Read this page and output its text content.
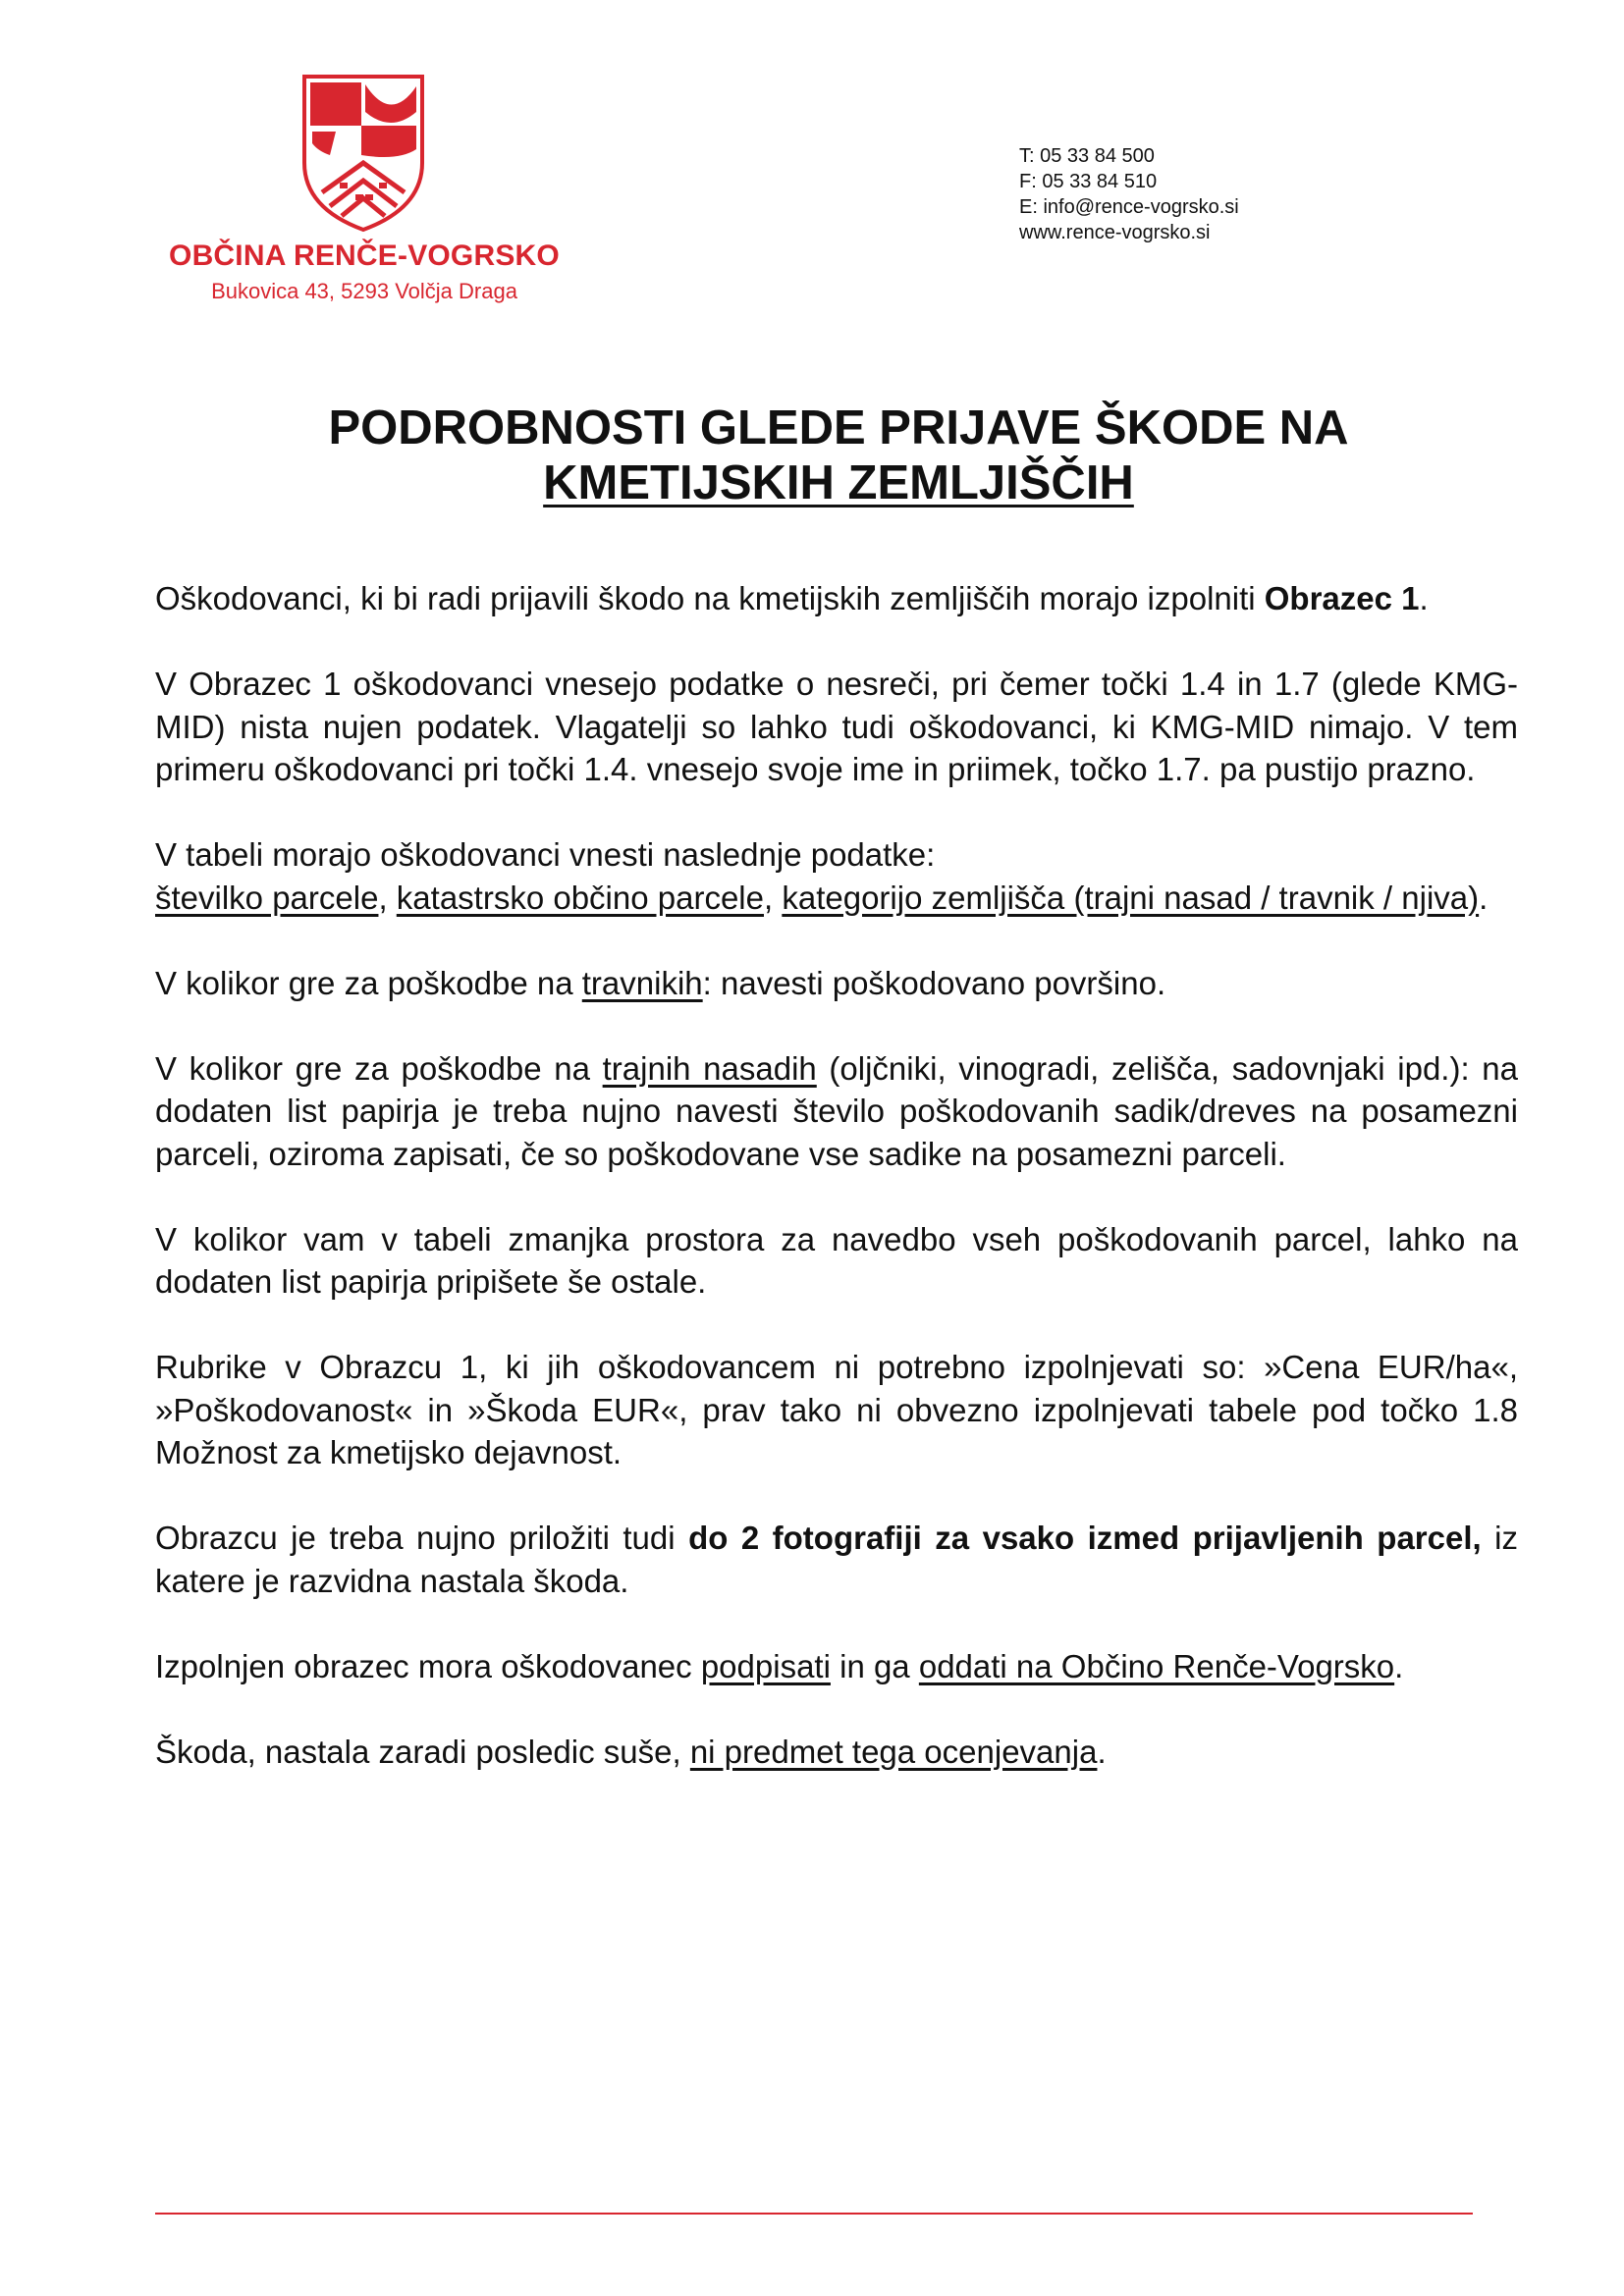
OBČINA RENČE-VOGRSKO
Bukovica 43, 5293 Volčja Draga
T: 05 33 84 500
F: 05 33 84 510
E: info@rence-vogrsko.si
www.rence-vogrsko.si
PODROBNOSTI GLEDE PRIJAVE ŠKODE NA
KMETIJSKIH ZEMLJIŠČIH

Oškodovanci, ki bi radi prijavili škodo na kmetijskih zemljiščih morajo izpolniti Obrazec 1.

V Obrazec 1 oškodovanci vnesejo podatke o nesreči, pri čemer točki 1.4 in 1.7 (glede KMG-MID) nista nujen podatek. Vlagatelji so lahko tudi oškodovanci, ki KMG-MID nimajo. V tem primeru oškodovanci pri točki 1.4. vnesejo svoje ime in priimek, točko 1.7. pa pustijo prazno.

V tabeli morajo oškodovanci vnesti naslednje podatke:
številko parcele, katastrsko občino parcele, kategorijo zemljišča (trajni nasad / travnik / njiva).

V kolikor gre za poškodbe na travnikih: navesti poškodovano površino.

V kolikor gre za poškodbe na trajnih nasadih (oljčniki, vinogradi, zelišča, sadovnjaki ipd.): na dodaten list papirja je treba nujno navesti število poškodovanih sadik/dreves na posamezni parceli, oziroma zapisati, če so poškodovane vse sadike na posamezni parceli.

V kolikor vam v tabeli zmanjka prostora za navedbo vseh poškodovanih parcel, lahko na dodaten list papirja pripišete še ostale.

Rubrike v Obrazcu 1, ki jih oškodovancem ni potrebno izpolnjevati so: »Cena EUR/ha«, »Poškodovanost« in »Škoda EUR«, prav tako ni obvezno izpolnjevati tabele pod točko 1.8 Možnost za kmetijsko dejavnost.

Obrazcu je treba nujno priložiti tudi do 2 fotografiji za vsako izmed prijavljenih parcel, iz katere je razvidna nastala škoda.

Izpolnjen obrazec mora oškodovanec podpisati in ga oddati na Občino Renče-Vogrsko.

Škoda, nastala zaradi posledic suše, ni predmet tega ocenjevanja.
